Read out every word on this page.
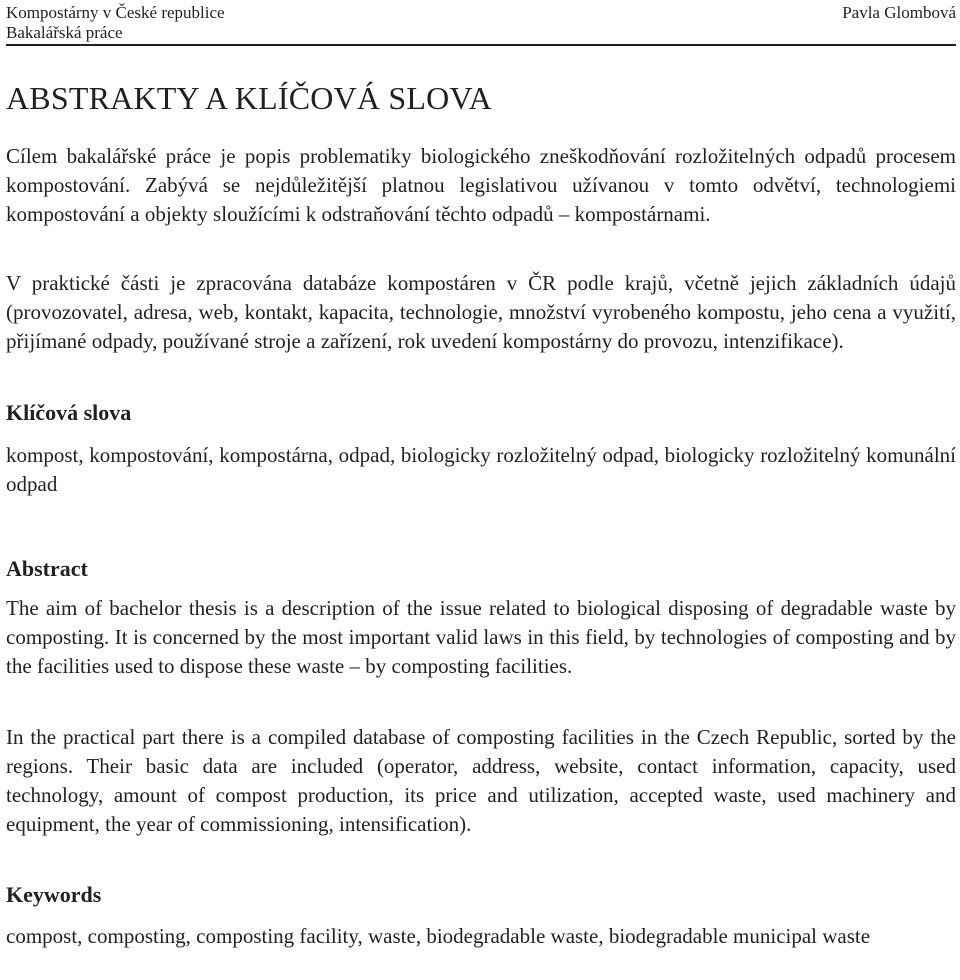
Kompostárny v České republice
Bakalářská práce
Pavla Glombová
ABSTRAKTY A KLÍČOVÁ SLOVA

Cílem bakalářské práce je popis problematiky biologického zneškodňování rozložitelných odpadů procesem kompostování. Zabývá se nejdůležitější platnou legislativou užívanou v tomto odvětví, technologiemi kompostování a objekty sloužícími k odstraňování těchto odpadů – kompostárnami.

V praktické části je zpracována databáze kompostáren v ČR podle krajů, včetně jejich základních údajů (provozovatel, adresa, web, kontakt, kapacita, technologie, množství vyrobeného kompostu, jeho cena a využití, přijímané odpady, používané stroje a zařízení, rok uvedení kompostárny do provozu, intenzifikace).

Klíčová slova

kompost, kompostování, kompostárna, odpad, biologicky rozložitelný odpad, biologicky rozložitelný komunální odpad

Abstract

The aim of bachelor thesis is a description of the issue related to biological disposing of degradable waste by composting. It is concerned by the most important valid laws in this field, by technologies of composting and by the facilities used to dispose these waste – by composting facilities.

In the practical part there is a compiled database of composting facilities in the Czech Republic, sorted by the regions. Their basic data are included (operator, address, website, contact information, capacity, used technology, amount of compost production, its price and utilization, accepted waste, used machinery and equipment, the year of commissioning, intensification).

Keywords

compost, composting, composting facility, waste, biodegradable waste, biodegradable municipal waste
